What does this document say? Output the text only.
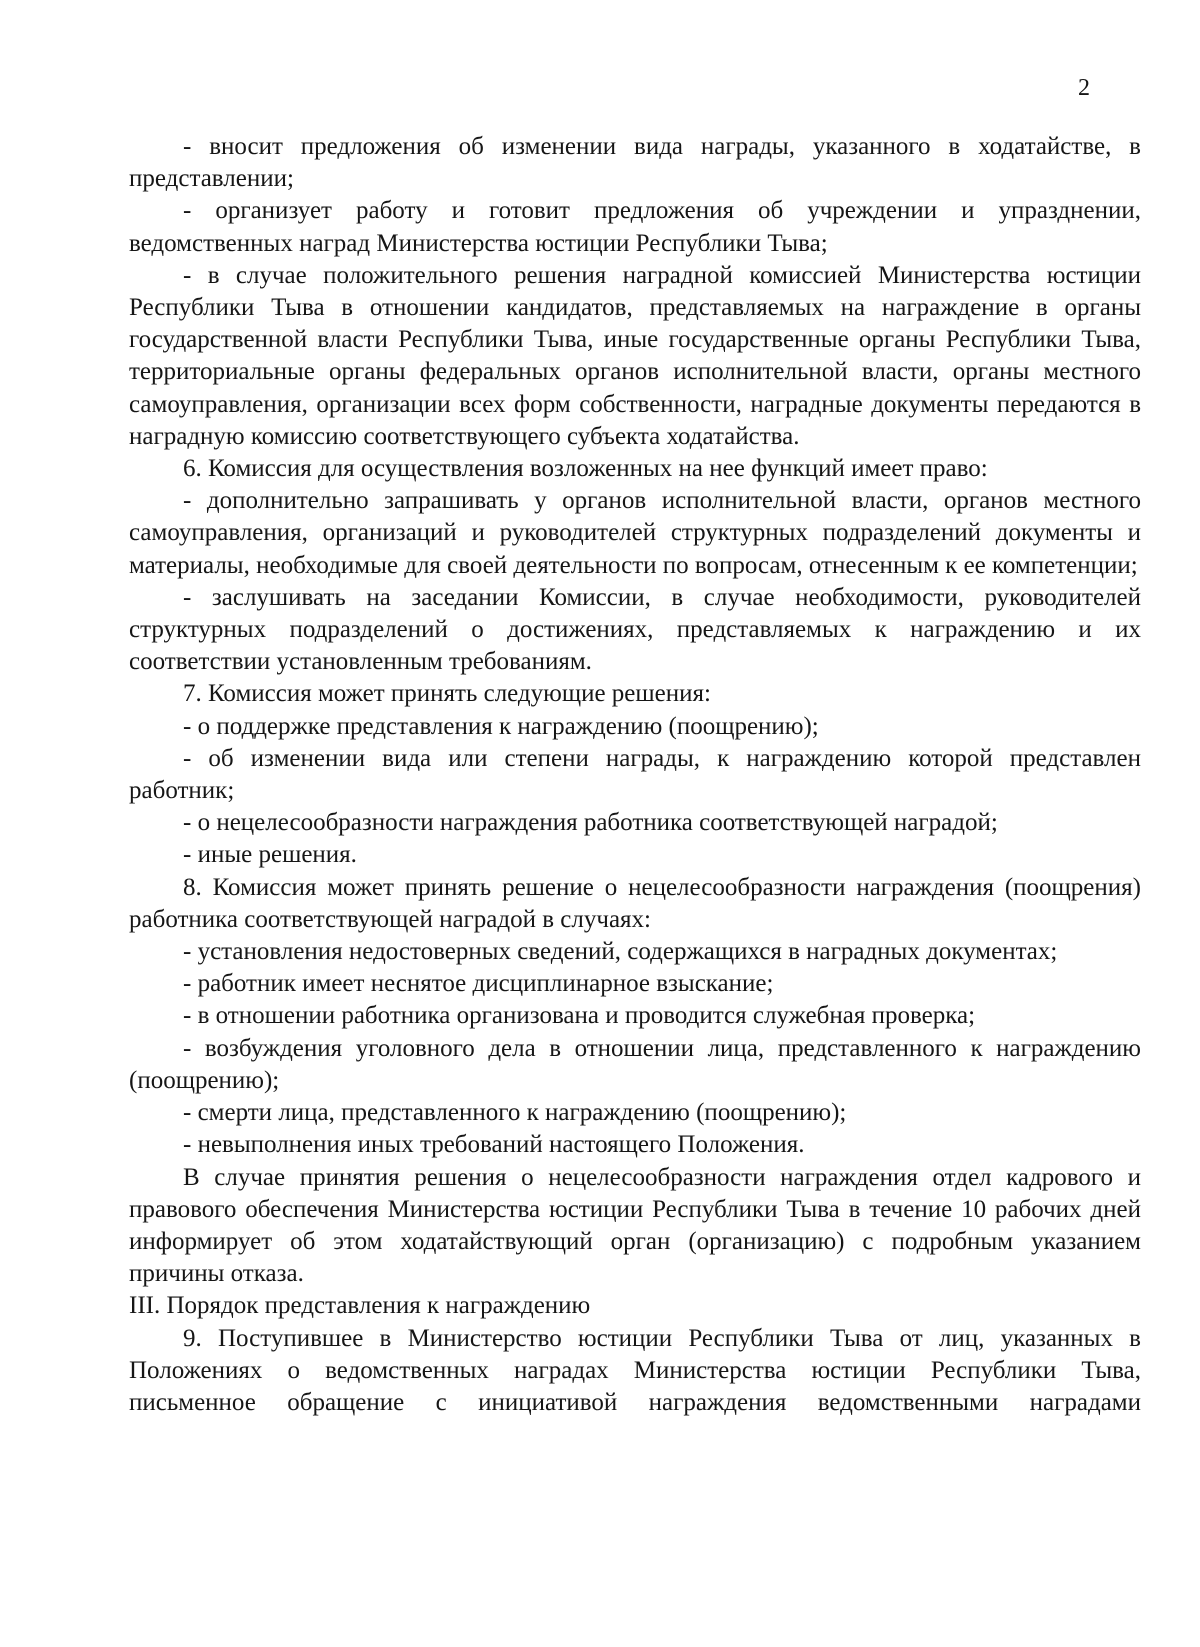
2

- вносит предложения об изменении вида награды, указанного в ходатайстве, в представлении;

- организует работу и готовит предложения об учреждении и упразднении, ведомственных наград Министерства юстиции Республики Тыва;

- в случае положительного решения наградной комиссией Министерства юстиции Республики Тыва в отношении кандидатов, представляемых на награждение в органы государственной власти Республики Тыва, иные государственные органы Республики Тыва, территориальные органы федеральных органов исполнительной власти, органы местного самоуправления, организации всех форм собственности, наградные документы передаются в наградную комиссию соответствующего субъекта ходатайства.

6. Комиссия для осуществления возложенных на нее функций имеет право:

- дополнительно запрашивать у органов исполнительной власти, органов местного самоуправления, организаций и руководителей структурных подразделений документы и материалы, необходимые для своей деятельности по вопросам, отнесенным к ее компетенции;

- заслушивать на заседании Комиссии, в случае необходимости, руководителей структурных подразделений о достижениях, представляемых к награждению и их соответствии установленным требованиям.

7. Комиссия может принять следующие решения:

- о поддержке представления к награждению (поощрению);

- об изменении вида или степени награды, к награждению которой представлен работник;

- о нецелесообразности награждения работника соответствующей наградой;

- иные решения.

8. Комиссия может принять решение о нецелесообразности награждения (поощрения) работника соответствующей наградой в случаях:

- установления недостоверных сведений, содержащихся в наградных документах;

- работник имеет неснятое дисциплинарное взыскание;

- в отношении работника организована и проводится служебная проверка;

- возбуждения уголовного дела в отношении лица, представленного к награждению (поощрению);

- смерти лица, представленного к награждению (поощрению);

- невыполнения иных требований настоящего Положения.

В случае принятия решения о нецелесообразности награждения отдел кадрового и правового обеспечения Министерства юстиции Республики Тыва в течение 10 рабочих дней информирует об этом ходатайствующий орган (организацию) с подробным указанием причины отказа.

III. Порядок представления к награждению

9. Поступившее в Министерство юстиции Республики Тыва от лиц, указанных в Положениях о ведомственных наградах Министерства юстиции Республики Тыва, письменное обращение с инициативой награждения ведомственными наградами
